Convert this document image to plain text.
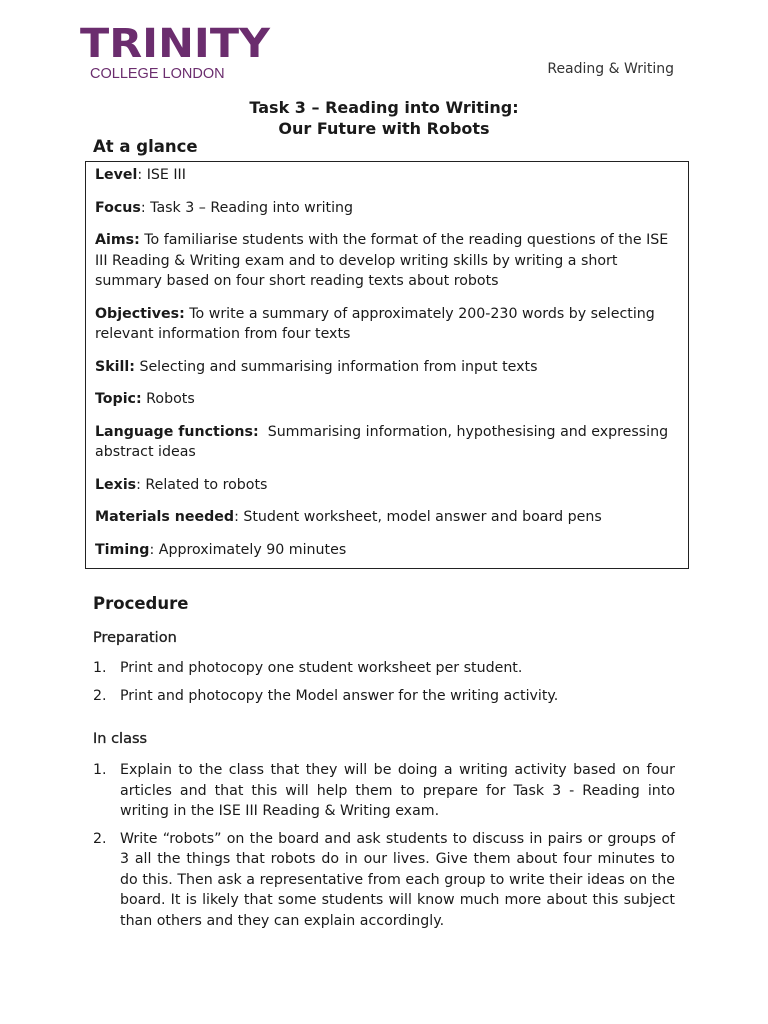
TRINITY
COLLEGE LONDON	Reading & Writing
Task 3 – Reading into Writing:
Our Future with Robots
At a glance
Level: ISE III
Focus: Task 3 – Reading into writing
Aims: To familiarise students with the format of the reading questions of the ISE III Reading & Writing exam and to develop writing skills by writing a short summary based on four short reading texts about robots
Objectives: To write a summary of approximately 200-230 words by selecting relevant information from four texts
Skill: Selecting and summarising information from input texts
Topic: Robots
Language functions: Summarising information, hypothesising and expressing abstract ideas
Lexis: Related to robots
Materials needed: Student worksheet, model answer and board pens
Timing: Approximately 90 minutes
Procedure
Preparation
1. Print and photocopy one student worksheet per student.
2. Print and photocopy the Model answer for the writing activity.
In class
1. Explain to the class that they will be doing a writing activity based on four articles and that this will help them to prepare for Task 3 - Reading into writing in the ISE III Reading & Writing exam.
2. Write “robots” on the board and ask students to discuss in pairs or groups of 3 all the things that robots do in our lives. Give them about four minutes to do this. Then ask a representative from each group to write their ideas on the board. It is likely that some students will know much more about this subject than others and they can explain accordingly.
